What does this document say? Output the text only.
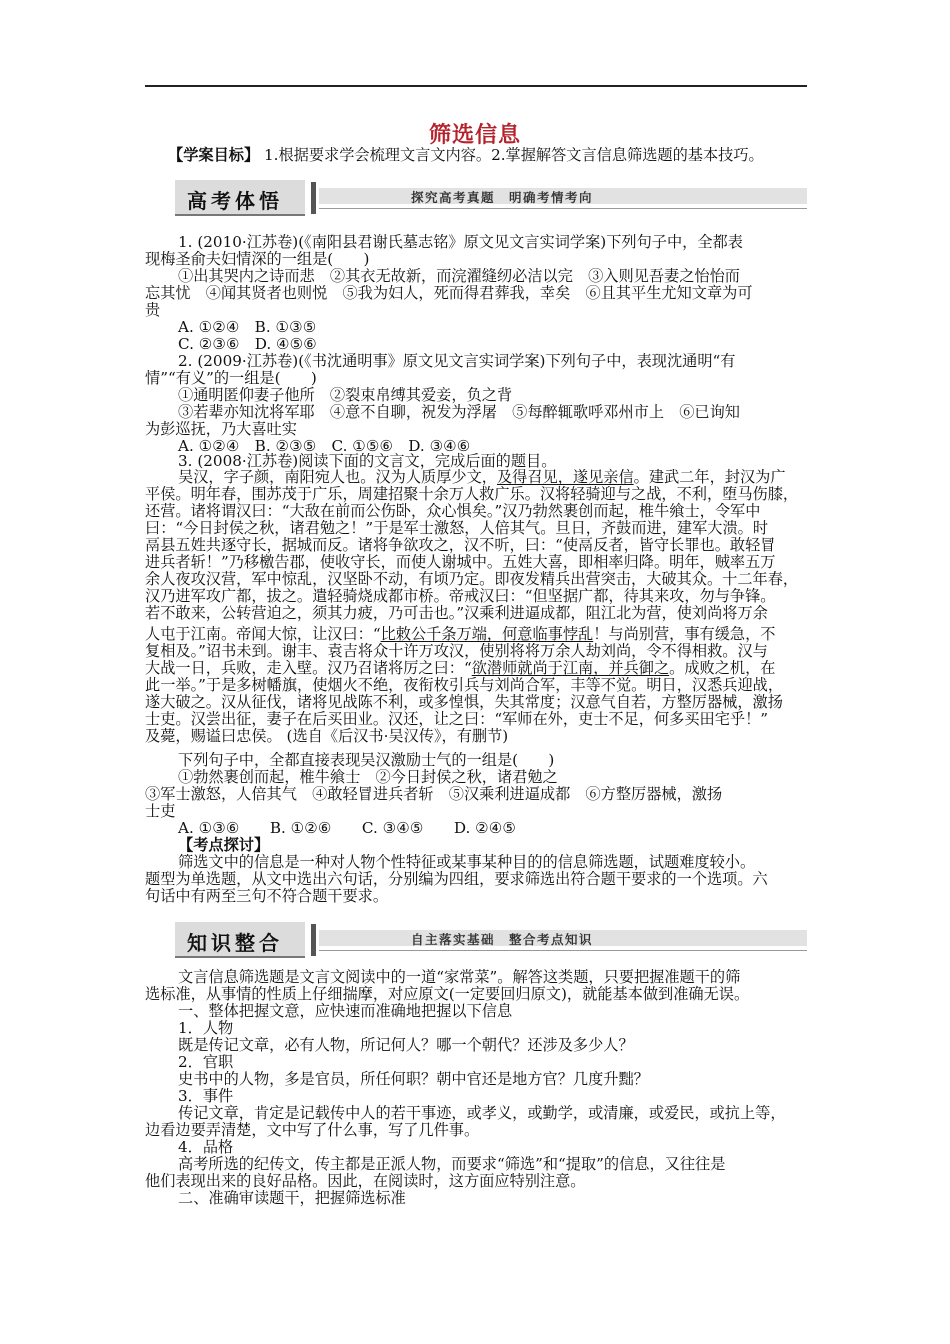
筛选信息
【学案目标】 1.根据要求学会梳理文言文内容。2.掌握解答文言信息筛选题的基本技巧。
高考体悟	探究高考真题　明确考情考向
知识整合	自主落实基础　整合考点知识
1. (2010·江苏卷)(《南阳县君谢氏墓志铭》原文见文言实词学案)下列句子中，全都表
现梅圣俞夫妇情深的一组是(　　)
①出其哭内之诗而悲　②其衣无故新，而浣濯缝纫必洁以完　③入则见吾妻之怡怡而
忘其忧　④闻其贤者也则悦　⑤我为妇人，死而得君葬我，幸矣　⑥且其平生尤知文章为可
贵
A. ①②④　B. ①③⑤
C. ②③⑥　D. ④⑤⑥
2. (2009·江苏卷)(《书沈通明事》原文见文言实词学案)下列句子中，表现沈通明“有
情”“有义”的一组是(　　)
①通明匿仰妻子他所　②裂束帛缚其爱妾，负之背
③若辈亦知沈将军耶　④意不自聊，祝发为浮屠　⑤每醉辄歌呼邓州市上　⑥已询知
为彭巡抚，乃大喜吐实
A. ①②④　B. ②③⑤　C. ①⑤⑥　D. ③④⑥
3. (2008·江苏卷)阅读下面的文言文，完成后面的题目。
吴汉，字子颜，南阳宛人也。汉为人质厚少文，及得召见，遂见亲信。建武二年，封汉为广
平侯。明年春，围苏茂于广乐，周建招聚十余万人救广乐。汉将轻骑迎与之战，不利，堕马伤膝，
还营。诸将谓汉曰：“大敌在前而公伤卧，众心惧矣。”汉乃勃然裹创而起，椎牛飨士，令军中
曰：“今日封侯之秋，诸君勉之！”于是军士激怒，人倍其气。旦日，齐鼓而进，建军大溃。时
鬲县五姓共逐守长，据城而反。诸将争欲攻之，汉不听，曰：“使鬲反者，皆守长罪也。敢轻冒
进兵者斩！”乃移檄告郡，使收守长，而使人谢城中。五姓大喜，即相率归降。明年，贼率五万
余人夜攻汉营，军中惊乱，汉坚卧不动，有顷乃定。即夜发精兵出营突击，大破其众。十二年春，
汉乃进军攻广都，拔之。遣轻骑烧成都市桥。帝戒汉曰：“但坚据广都，待其来攻，勿与争锋。
若不敢来，公转营迫之，须其力疲，乃可击也。”汉乘利进逼成都，阻江北为营，使刘尚将万余
人屯于江南。帝闻大惊，让汉曰：“比敕公千条万端，何意临事悖乱！与尚别营，事有缓急，不
复相及。”诏书未到。谢丰、袁吉将众十许万攻汉，使别将将万余人劫刘尚，令不得相救。汉与
大战一日，兵败，走入壁。汉乃召诸将厉之曰：“欲潜师就尚于江南，并兵御之。成败之机，在
此一举。”于是多树幡旗，使烟火不绝，夜衔枚引兵与刘尚合军，丰等不觉。明日，汉悉兵迎战，
遂大破之。汉从征伐，诸将见战陈不利，或多惶惧，失其常度；汉意气自若，方整厉器械，激扬
士吏。汉尝出征，妻子在后买田业。汉还，让之曰：“军师在外，吏士不足，何多买田宅乎！”
及薨，赐谥曰忠侯。 (选自《后汉书·吴汉传》，有删节)
下列句子中，全都直接表现吴汉激励士气的一组是(　　)
①勃然裹创而起，椎牛飨士　②今日封侯之秋，诸君勉之
③军士激怒，人倍其气　④敢轻冒进兵者斩　⑤汉乘利进逼成都　⑥方整厉器械，激扬
士吏
A. ①③⑥　　B. ①②⑥　　C. ③④⑤　　D. ②④⑤
【考点探讨】
筛选文中的信息是一种对人物个性特征或某事某种目的的信息筛选题，试题难度较小。
题型为单选题，从文中选出六句话，分别编为四组，要求筛选出符合题干要求的一个选项。六
句话中有两至三句不符合题干要求。
文言信息筛选题是文言文阅读中的一道“家常菜”。解答这类题，只要把握准题干的筛
选标准，从事情的性质上仔细揣摩，对应原文(一定要回归原文)，就能基本做到准确无误。
一、整体把握文意，应快速而准确地把握以下信息
1．人物
既是传记文章，必有人物，所记何人？哪一个朝代？还涉及多少人？
2．官职
史书中的人物，多是官员，所任何职？朝中官还是地方官？几度升黜？
3．事件
传记文章，肯定是记载传中人的若干事迹，或孝义，或勤学，或清廉，或爱民，或抗上等，
边看边要弄清楚，文中写了什么事，写了几件事。
4．品格
高考所选的纪传文，传主都是正派人物，而要求“筛选”和“提取”的信息，又往往是
他们表现出来的良好品格。因此，在阅读时，这方面应特别注意。
二、准确审读题干，把握筛选标准
